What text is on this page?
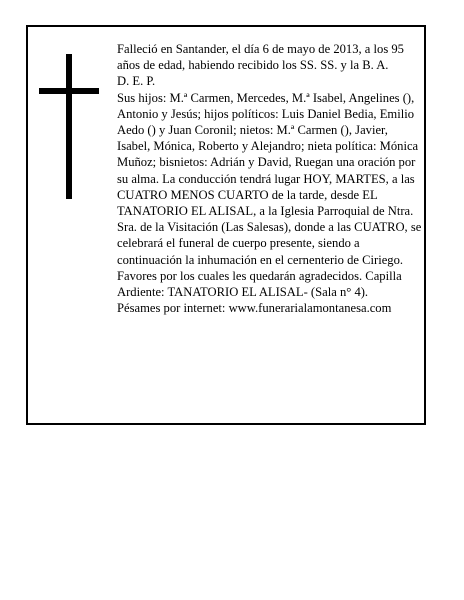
Falleció en Santander, el día 6 de mayo de 2013, a los 95 años de edad, habiendo recibido los SS. SS. y la B. A.

D. E. P.

Sus hijos: M.ª Carmen, Mercedes, M.ª Isabel, Angelines (), Antonio y Jesús; hijos políticos: Luis Daniel Bedia, Emilio Aedo () y Juan Coronil; nietos: M.ª Carmen (), Javier, Isabel, Mónica, Roberto y Alejandro; nieta política: Mónica Muñoz; bisnietos: Adrián y David, Ruegan una oración por su alma. La conducción tendrá lugar HOY, MARTES, a las CUATRO MENOS CUARTO de la tarde, desde EL TANATORIO EL ALISAL, a la Iglesia Parroquial de Ntra. Sra. de la Visitación (Las Salesas), donde a las CUATRO, se celebrará el funeral de cuerpo presente, siendo a continuación la inhumación en el cernenterio de Ciriego. Favores por los cuales les quedarán agradecidos. Capilla Ardiente: TANATORIO EL ALISAL- (Sala n° 4).

Pésames por internet: www.funerarialamontanesa.com
